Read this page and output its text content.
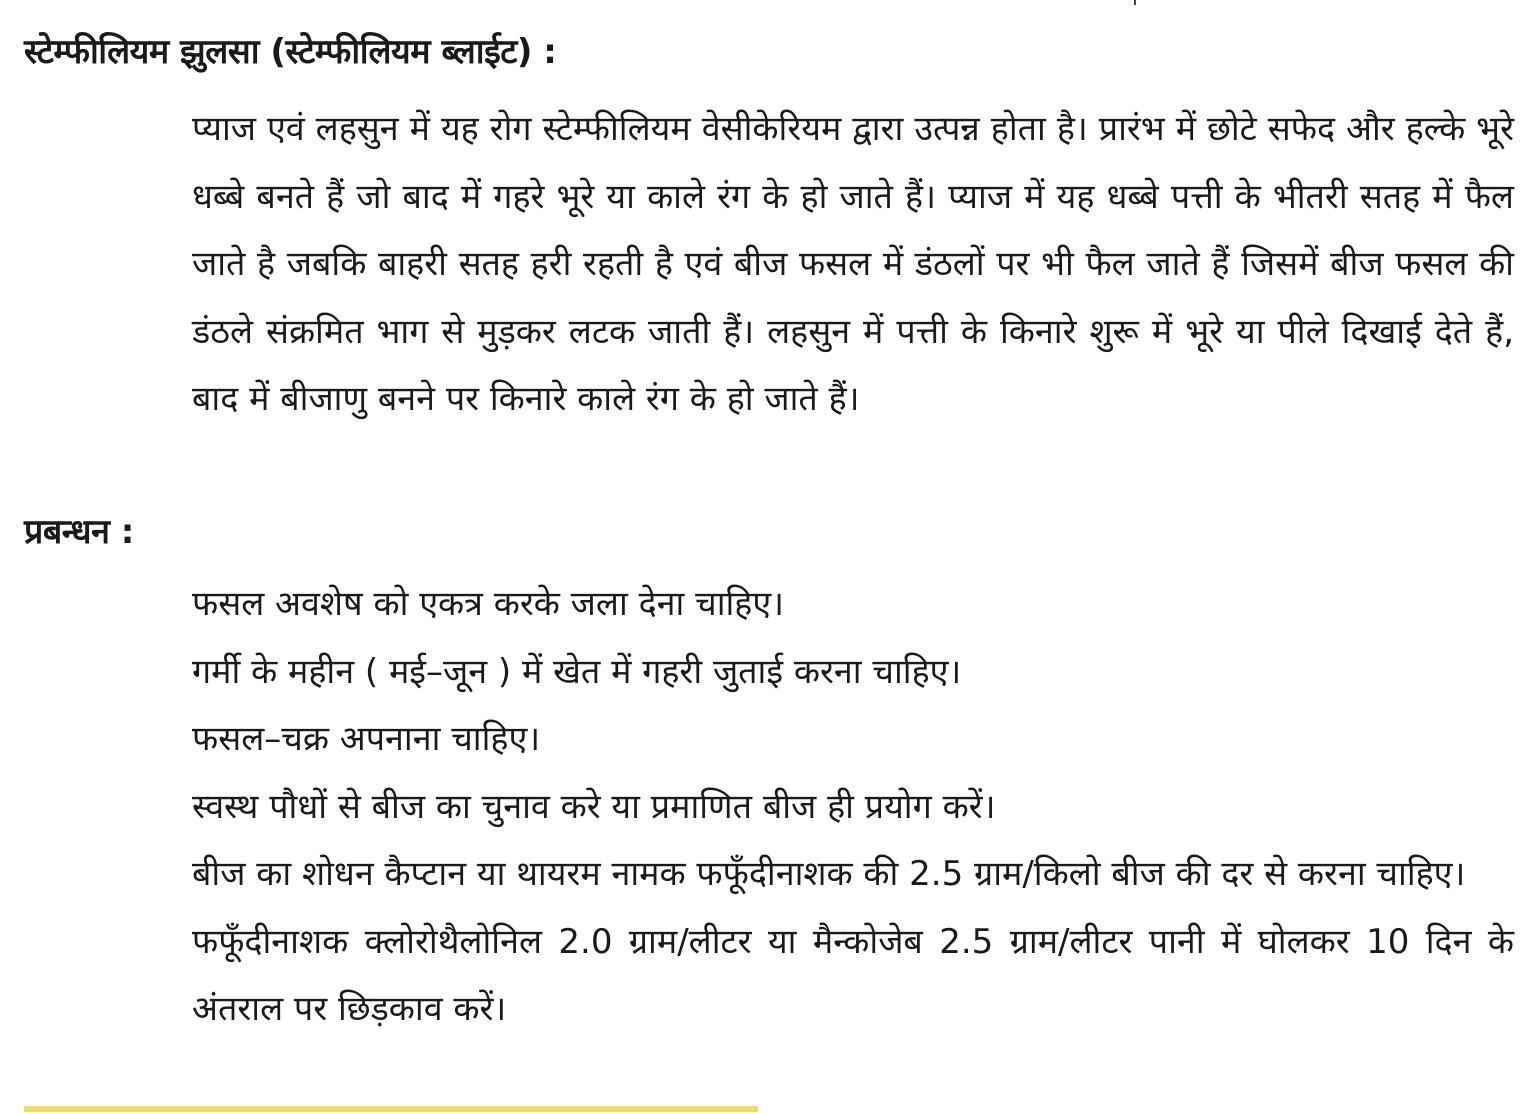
स्टेम्फीलियम झुलसा (स्टेम्फीलियम ब्लाईट) :

प्याज एवं लहसुन में यह रोग स्टेम्फीलियम वेसीकेरियम द्वारा उत्पन्न होता है। प्रारंभ में छोटे सफेद और हल्के भूरे धब्बे बनते हैं जो बाद में गहरे भूरे या काले रंग के हो जाते हैं। प्याज में यह धब्बे पत्ती के भीतरी सतह में फैल जाते है जबकि बाहरी सतह हरी रहती है एवं बीज फसल में डंठलों पर भी फैल जाते हैं जिसमें बीज फसल की डंठले संक्रमित भाग से मुड़कर लटक जाती हैं। लहसुन में पत्ती के किनारे शुरू में भूरे या पीले दिखाई देते हैं, बाद में बीजाणु बनने पर किनारे काले रंग के हो जाते हैं।

प्रबन्धन :
फसल अवशेष को एकत्र करके जला देना चाहिए।
गर्मी के महीन ( मई–जून ) में खेत में गहरी जुताई करना चाहिए।
फसल–चक्र अपनाना चाहिए।
स्वस्थ पौधों से बीज का चुनाव करे या प्रमाणित बीज ही प्रयोग करें।
बीज का शोधन कैप्टान या थायरम नामक फफूँदीनाशक की 2.5 ग्राम/किलो बीज की दर से करना चाहिए।
फफूँदीनाशक क्लोरोथैलोनिल 2.0 ग्राम/लीटर या मैन्कोजेब 2.5 ग्राम/लीटर पानी में घोलकर 10 दिन के अंतराल पर छिड़काव करें।
